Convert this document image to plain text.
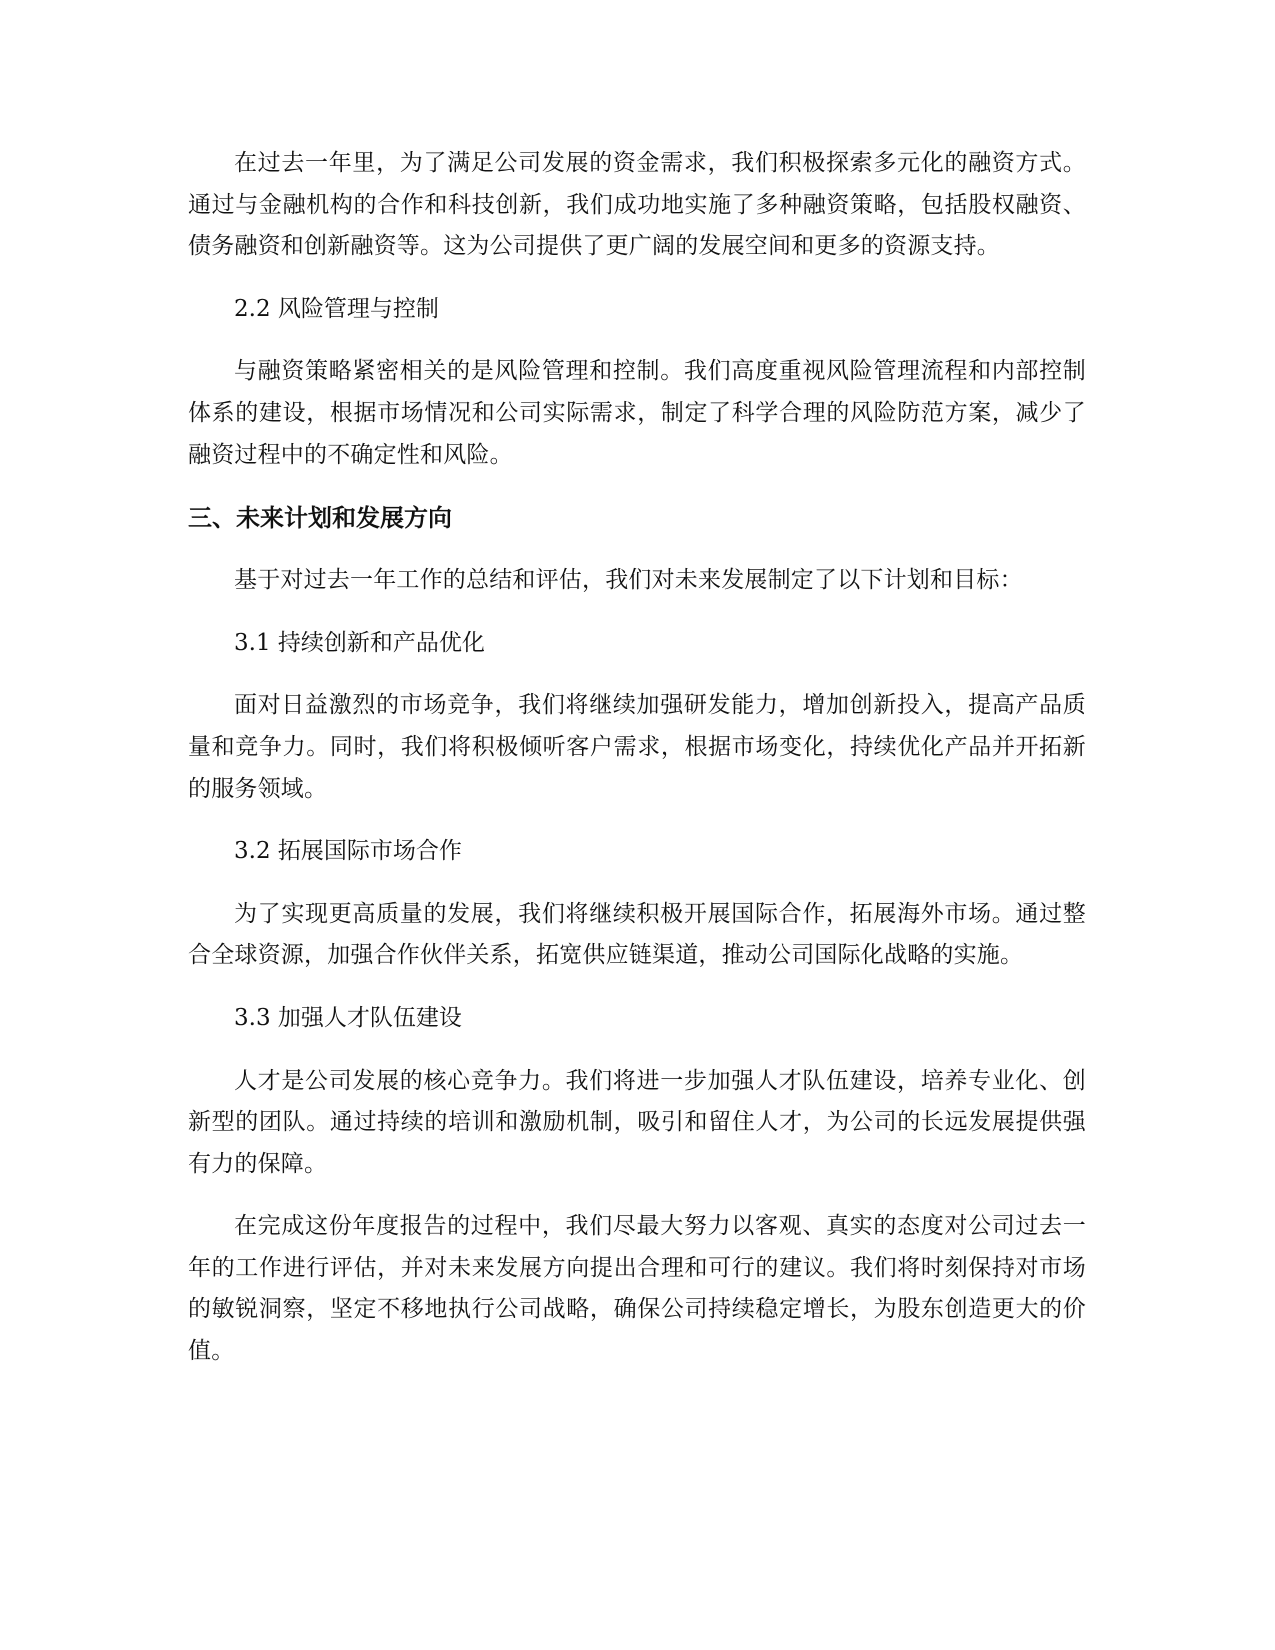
在过去一年里，为了满足公司发展的资金需求，我们积极探索多元化的融资方式。通过与金融机构的合作和科技创新，我们成功地实施了多种融资策略，包括股权融资、债务融资和创新融资等。这为公司提供了更广阔的发展空间和更多的资源支持。

2.2 风险管理与控制

与融资策略紧密相关的是风险管理和控制。我们高度重视风险管理流程和内部控制体系的建设，根据市场情况和公司实际需求，制定了科学合理的风险防范方案，减少了融资过程中的不确定性和风险。

三、未来计划和发展方向

基于对过去一年工作的总结和评估，我们对未来发展制定了以下计划和目标：

3.1 持续创新和产品优化

面对日益激烈的市场竞争，我们将继续加强研发能力，增加创新投入，提高产品质量和竞争力。同时，我们将积极倾听客户需求，根据市场变化，持续优化产品并开拓新的服务领域。

3.2 拓展国际市场合作

为了实现更高质量的发展，我们将继续积极开展国际合作，拓展海外市场。通过整合全球资源，加强合作伙伴关系，拓宽供应链渠道，推动公司国际化战略的实施。

3.3 加强人才队伍建设

人才是公司发展的核心竞争力。我们将进一步加强人才队伍建设，培养专业化、创新型的团队。通过持续的培训和激励机制，吸引和留住人才，为公司的长远发展提供强有力的保障。

在完成这份年度报告的过程中，我们尽最大努力以客观、真实的态度对公司过去一年的工作进行评估，并对未来发展方向提出合理和可行的建议。我们将时刻保持对市场的敏锐洞察，坚定不移地执行公司战略，确保公司持续稳定增长，为股东创造更大的价值。
